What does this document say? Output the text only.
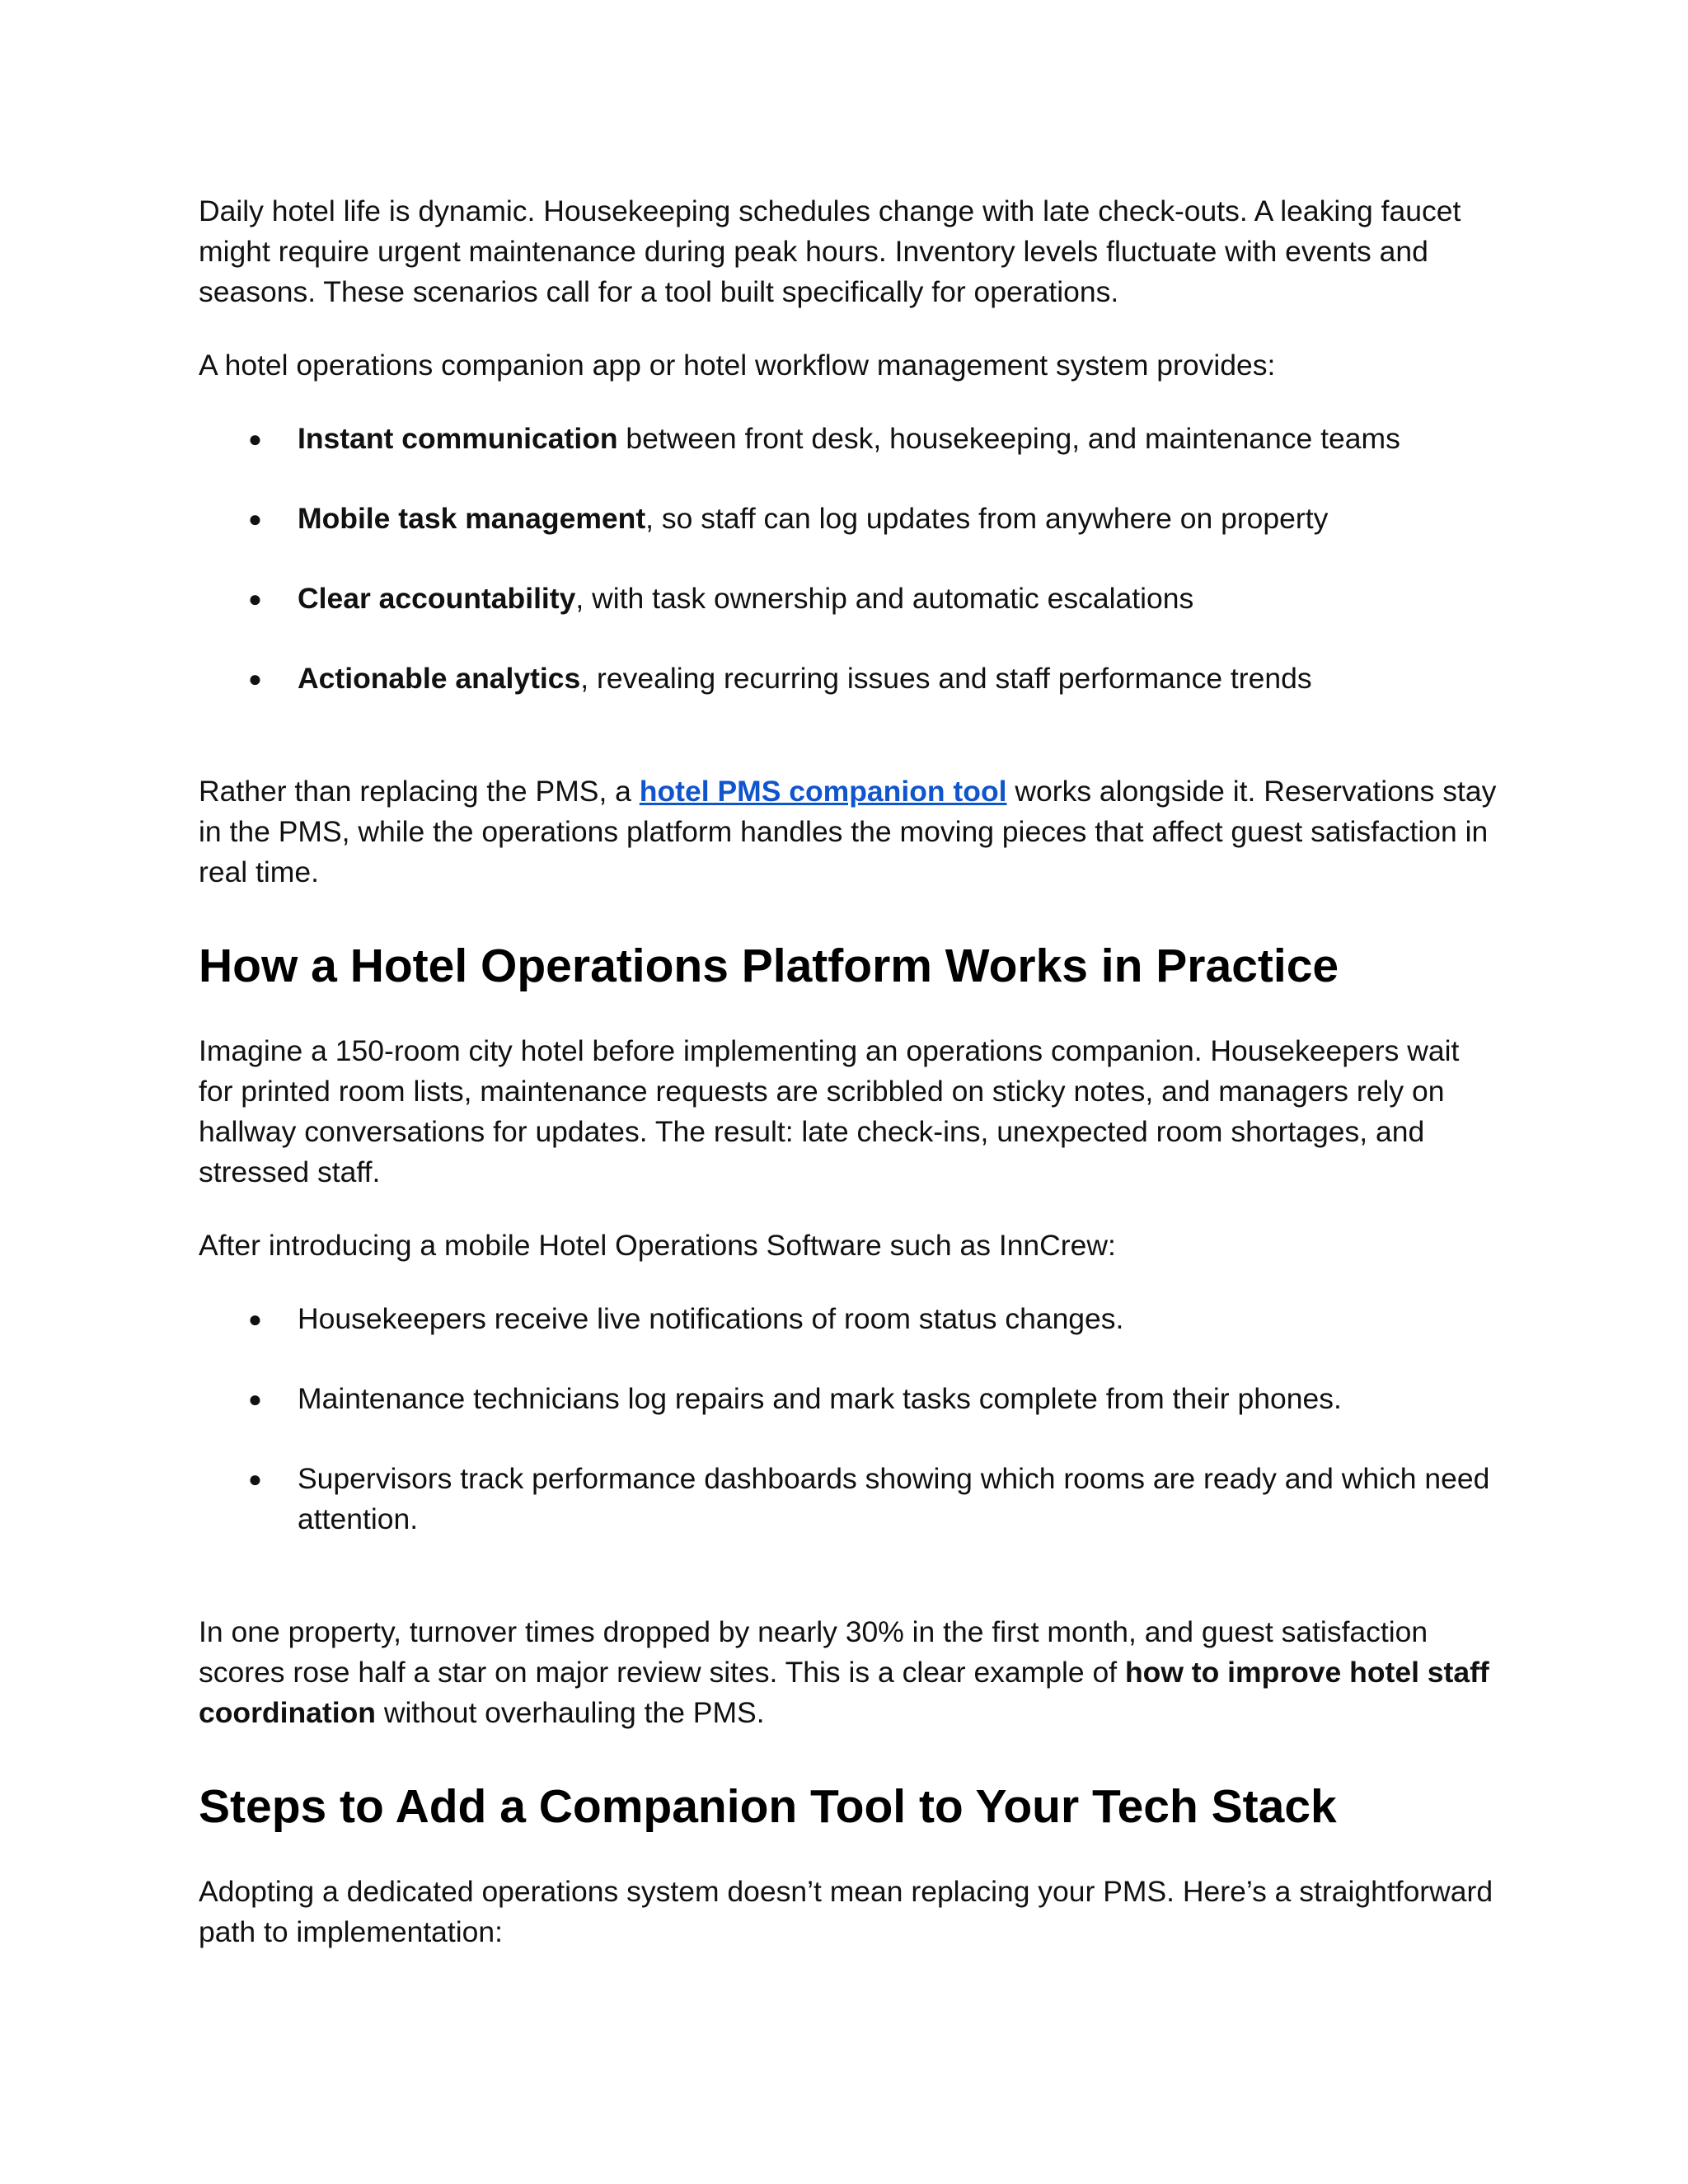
Daily hotel life is dynamic. Housekeeping schedules change with late check-outs. A leaking faucet might require urgent maintenance during peak hours. Inventory levels fluctuate with events and seasons. These scenarios call for a tool built specifically for operations.

A hotel operations companion app or hotel workflow management system provides:

● Instant communication between front desk, housekeeping, and maintenance teams
● Mobile task management, so staff can log updates from anywhere on property
● Clear accountability, with task ownership and automatic escalations
● Actionable analytics, revealing recurring issues and staff performance trends

Rather than replacing the PMS, a hotel PMS companion tool works alongside it. Reservations stay in the PMS, while the operations platform handles the moving pieces that affect guest satisfaction in real time.

How a Hotel Operations Platform Works in Practice

Imagine a 150-room city hotel before implementing an operations companion. Housekeepers wait for printed room lists, maintenance requests are scribbled on sticky notes, and managers rely on hallway conversations for updates. The result: late check-ins, unexpected room shortages, and stressed staff.

After introducing a mobile Hotel Operations Software such as InnCrew:

● Housekeepers receive live notifications of room status changes.
● Maintenance technicians log repairs and mark tasks complete from their phones.
● Supervisors track performance dashboards showing which rooms are ready and which need attention.

In one property, turnover times dropped by nearly 30% in the first month, and guest satisfaction scores rose half a star on major review sites. This is a clear example of how to improve hotel staff coordination without overhauling the PMS.

Steps to Add a Companion Tool to Your Tech Stack

Adopting a dedicated operations system doesn’t mean replacing your PMS. Here’s a straightforward path to implementation:
